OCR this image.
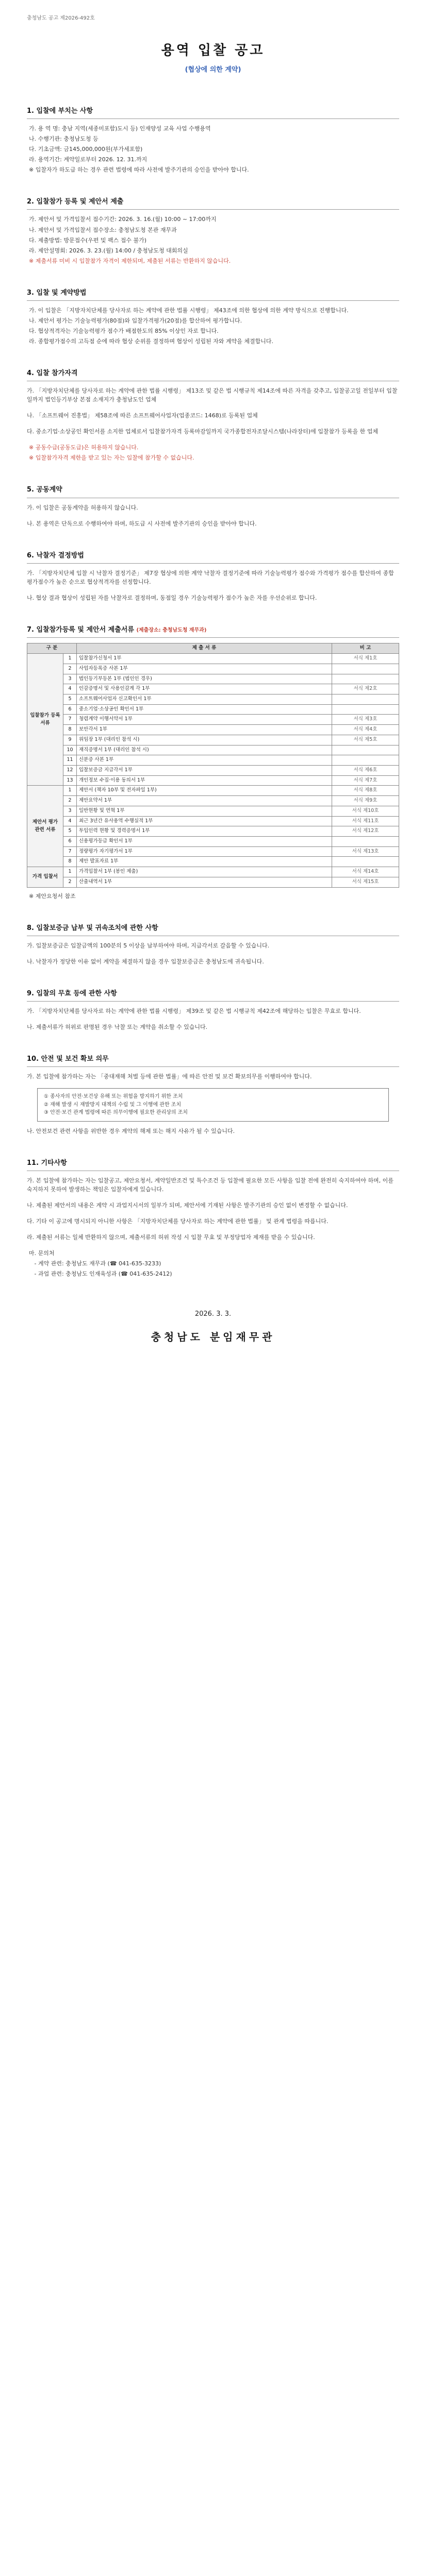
충청남도 공고 제2026-492호
용역 입찰 공고
(협상에 의한 계약)
1. 입찰에 부치는 사항
가. 용 역 명: 충남 지역(세종미포함)도시 등) 인재양성 교육 사업 수행용역
나. 수행기관: 충청남도청 등
다. 기초금액: 금145,000,000원(부가세포함)
라. 용역기간: 계약일로부터 2026. 12. 31.까지
※ 입찰자가 하도급 하는 경우 관련 법령에 따라 사전에 발주기관의 승인을 받아야 합니다.
2. 입찰참가 등록 및 제안서 제출
가. 제안서 및 가격입찰서 접수기간: 2026. 3. 16.(월) 10:00 ~ 17:00까지
나. 제안서 및 가격입찰서 접수장소: 충청남도청 본관 재무과
다. 제출방법: 방문접수(우편 및 팩스 접수 불가)
라. 제안설명회: 2026. 3. 23.(월) 14:00 / 충청남도청 대회의실
※ 제출서류 미비 시 입찰참가 자격이 제한되며, 제출된 서류는 반환하지 않습니다.
3. 입찰 및 계약방법
가. 이 입찰은 「지방자치단체를 당사자로 하는 계약에 관한 법률 시행령」 제43조에 의한 협상에 의한 계약 방식으로 진행합니다.
나. 제안서 평가는 기술능력평가(80점)와 입찰가격평가(20점)를 합산하여 평가합니다.
다. 협상적격자는 기술능력평가 점수가 배점한도의 85% 이상인 자로 합니다.
라. 종합평가점수의 고득점 순에 따라 협상 순위를 결정하며 협상이 성립된 자와 계약을 체결합니다.
4. 입찰 참가자격
가. 「지방자치단체를 당사자로 하는 계약에 관한 법률 시행령」 제13조 및 같은 법 시행규칙 제14조에 따른 자격을 갖추고, 입찰공고일 전일부터 입찰일까지 법인등기부상 본점 소재지가 충청남도인 업체
나. 「소프트웨어 진흥법」 제58조에 따른 소프트웨어사업자(업종코드: 1468)로 등록된 업체
다. 중소기업·소상공인 확인서를 소지한 업체로서 입찰참가자격 등록마감일까지 국가종합전자조달시스템(나라장터)에 입찰참가 등록을 한 업체
※ 공동수급(공동도급)은 허용하지 않습니다.
※ 입찰참가자격 제한을 받고 있는 자는 입찰에 참가할 수 없습니다.
5. 공동계약
가. 이 입찰은 공동계약을 허용하지 않습니다.
나. 본 용역은 단독으로 수행하여야 하며, 하도급 시 사전에 발주기관의 승인을 받아야 합니다.
6. 낙찰자 결정방법
가. 「지방자치단체 입찰 시 낙찰자 결정기준」 제7장 협상에 의한 계약 낙찰자 결정기준에 따라 기술능력평가 점수와 가격평가 점수를 합산하여 종합평가점수가 높은 순으로 협상적격자를 선정합니다.
나. 협상 결과 협상이 성립된 자를 낙찰자로 결정하며, 동점일 경우 기술능력평가 점수가 높은 자를 우선순위로 합니다.
7. 입찰참가등록 및 제안서 제출서류 (제출장소: 충청남도청 재무과)
구 분		제 출 서 류	비 고
입찰참가 등록서류	1	입찰참가신청서 1부	서식 제1호
	2	사업자등록증 사본 1부	
	3	법인등기부등본 1부 (법인인 경우)	
	4	인감증명서 및 사용인감계 각 1부	서식 제2호
	5	소프트웨어사업자 신고확인서 1부	
	6	중소기업·소상공인 확인서 1부	
	7	청렴계약 이행서약서 1부	서식 제3호
	8	보안각서 1부	서식 제4호
	9	위임장 1부 (대리인 참석 시)	서식 제5호
	10	재직증명서 1부 (대리인 참석 시)	
	11	신분증 사본 1부	
	12	입찰보증금 지급각서 1부	서식 제6호
	13	개인정보 수집·이용 동의서 1부	서식 제7호
제안서 평가 관련 서류	1	제안서 (책자 10부 및 전자파일 1부)	서식 제8호
	2	제안요약서 1부	서식 제9호
	3	일반현황 및 연혁 1부	서식 제10호
	4	최근 3년간 유사용역 수행실적 1부	서식 제11호
	5	투입인력 현황 및 경력증명서 1부	서식 제12호
	6	신용평가등급 확인서 1부	
	7	정량평가 자기평가서 1부	서식 제13호
	8	제안 발표자료 1부	
가격 입찰서	1	가격입찰서 1부 (봉인 제출)	서식 제14호
	2	산출내역서 1부	서식 제15호
※ 제안요청서 참조
8. 입찰보증금 납부 및 귀속조치에 관한 사항
가. 입찰보증금은 입찰금액의 100분의 5 이상을 납부하여야 하며, 지급각서로 갈음할 수 있습니다.
나. 낙찰자가 정당한 이유 없이 계약을 체결하지 않을 경우 입찰보증금은 충청남도에 귀속됩니다.
9. 입찰의 무효 등에 관한 사항
가. 「지방자치단체를 당사자로 하는 계약에 관한 법률 시행령」 제39조 및 같은 법 시행규칙 제42조에 해당하는 입찰은 무효로 합니다.
나. 제출서류가 허위로 판명된 경우 낙찰 또는 계약을 취소할 수 있습니다.
10. 안전 및 보건 확보 의무
가. 본 입찰에 참가하는 자는 「중대재해 처벌 등에 관한 법률」에 따른 안전 및 보건 확보의무를 이행하여야 합니다.
① 종사자의 안전·보건상 유해 또는 위험을 방지하기 위한 조치
② 재해 발생 시 재발방지 대책의 수립 및 그 이행에 관한 조치
③ 안전·보건 관계 법령에 따른 의무이행에 필요한 관리상의 조치
나. 안전보건 관련 사항을 위반한 경우 계약의 해제 또는 해지 사유가 될 수 있습니다.
11. 기타사항
가. 본 입찰에 참가하는 자는 입찰공고, 제안요청서, 계약일반조건 및 특수조건 등 입찰에 필요한 모든 사항을 입찰 전에 완전히 숙지하여야 하며, 이를 숙지하지 못하여 발생하는 책임은 입찰자에게 있습니다.
나. 제출된 제안서의 내용은 계약 시 과업지시서의 일부가 되며, 제안서에 기재된 사항은 발주기관의 승인 없이 변경할 수 없습니다.
다. 기타 이 공고에 명시되지 아니한 사항은 「지방자치단체를 당사자로 하는 계약에 관한 법률」 및 관계 법령을 따릅니다.
라. 제출된 서류는 일체 반환하지 않으며, 제출서류의 허위 작성 시 입찰 무효 및 부정당업자 제재를 받을 수 있습니다.
마. 문의처
- 계약 관련: 충청남도 재무과 (☎ 041-635-3233)
- 과업 관련: 충청남도 인재육성과 (☎ 041-635-2412)
2026. 3. 3.
충청남도 분임재무관
